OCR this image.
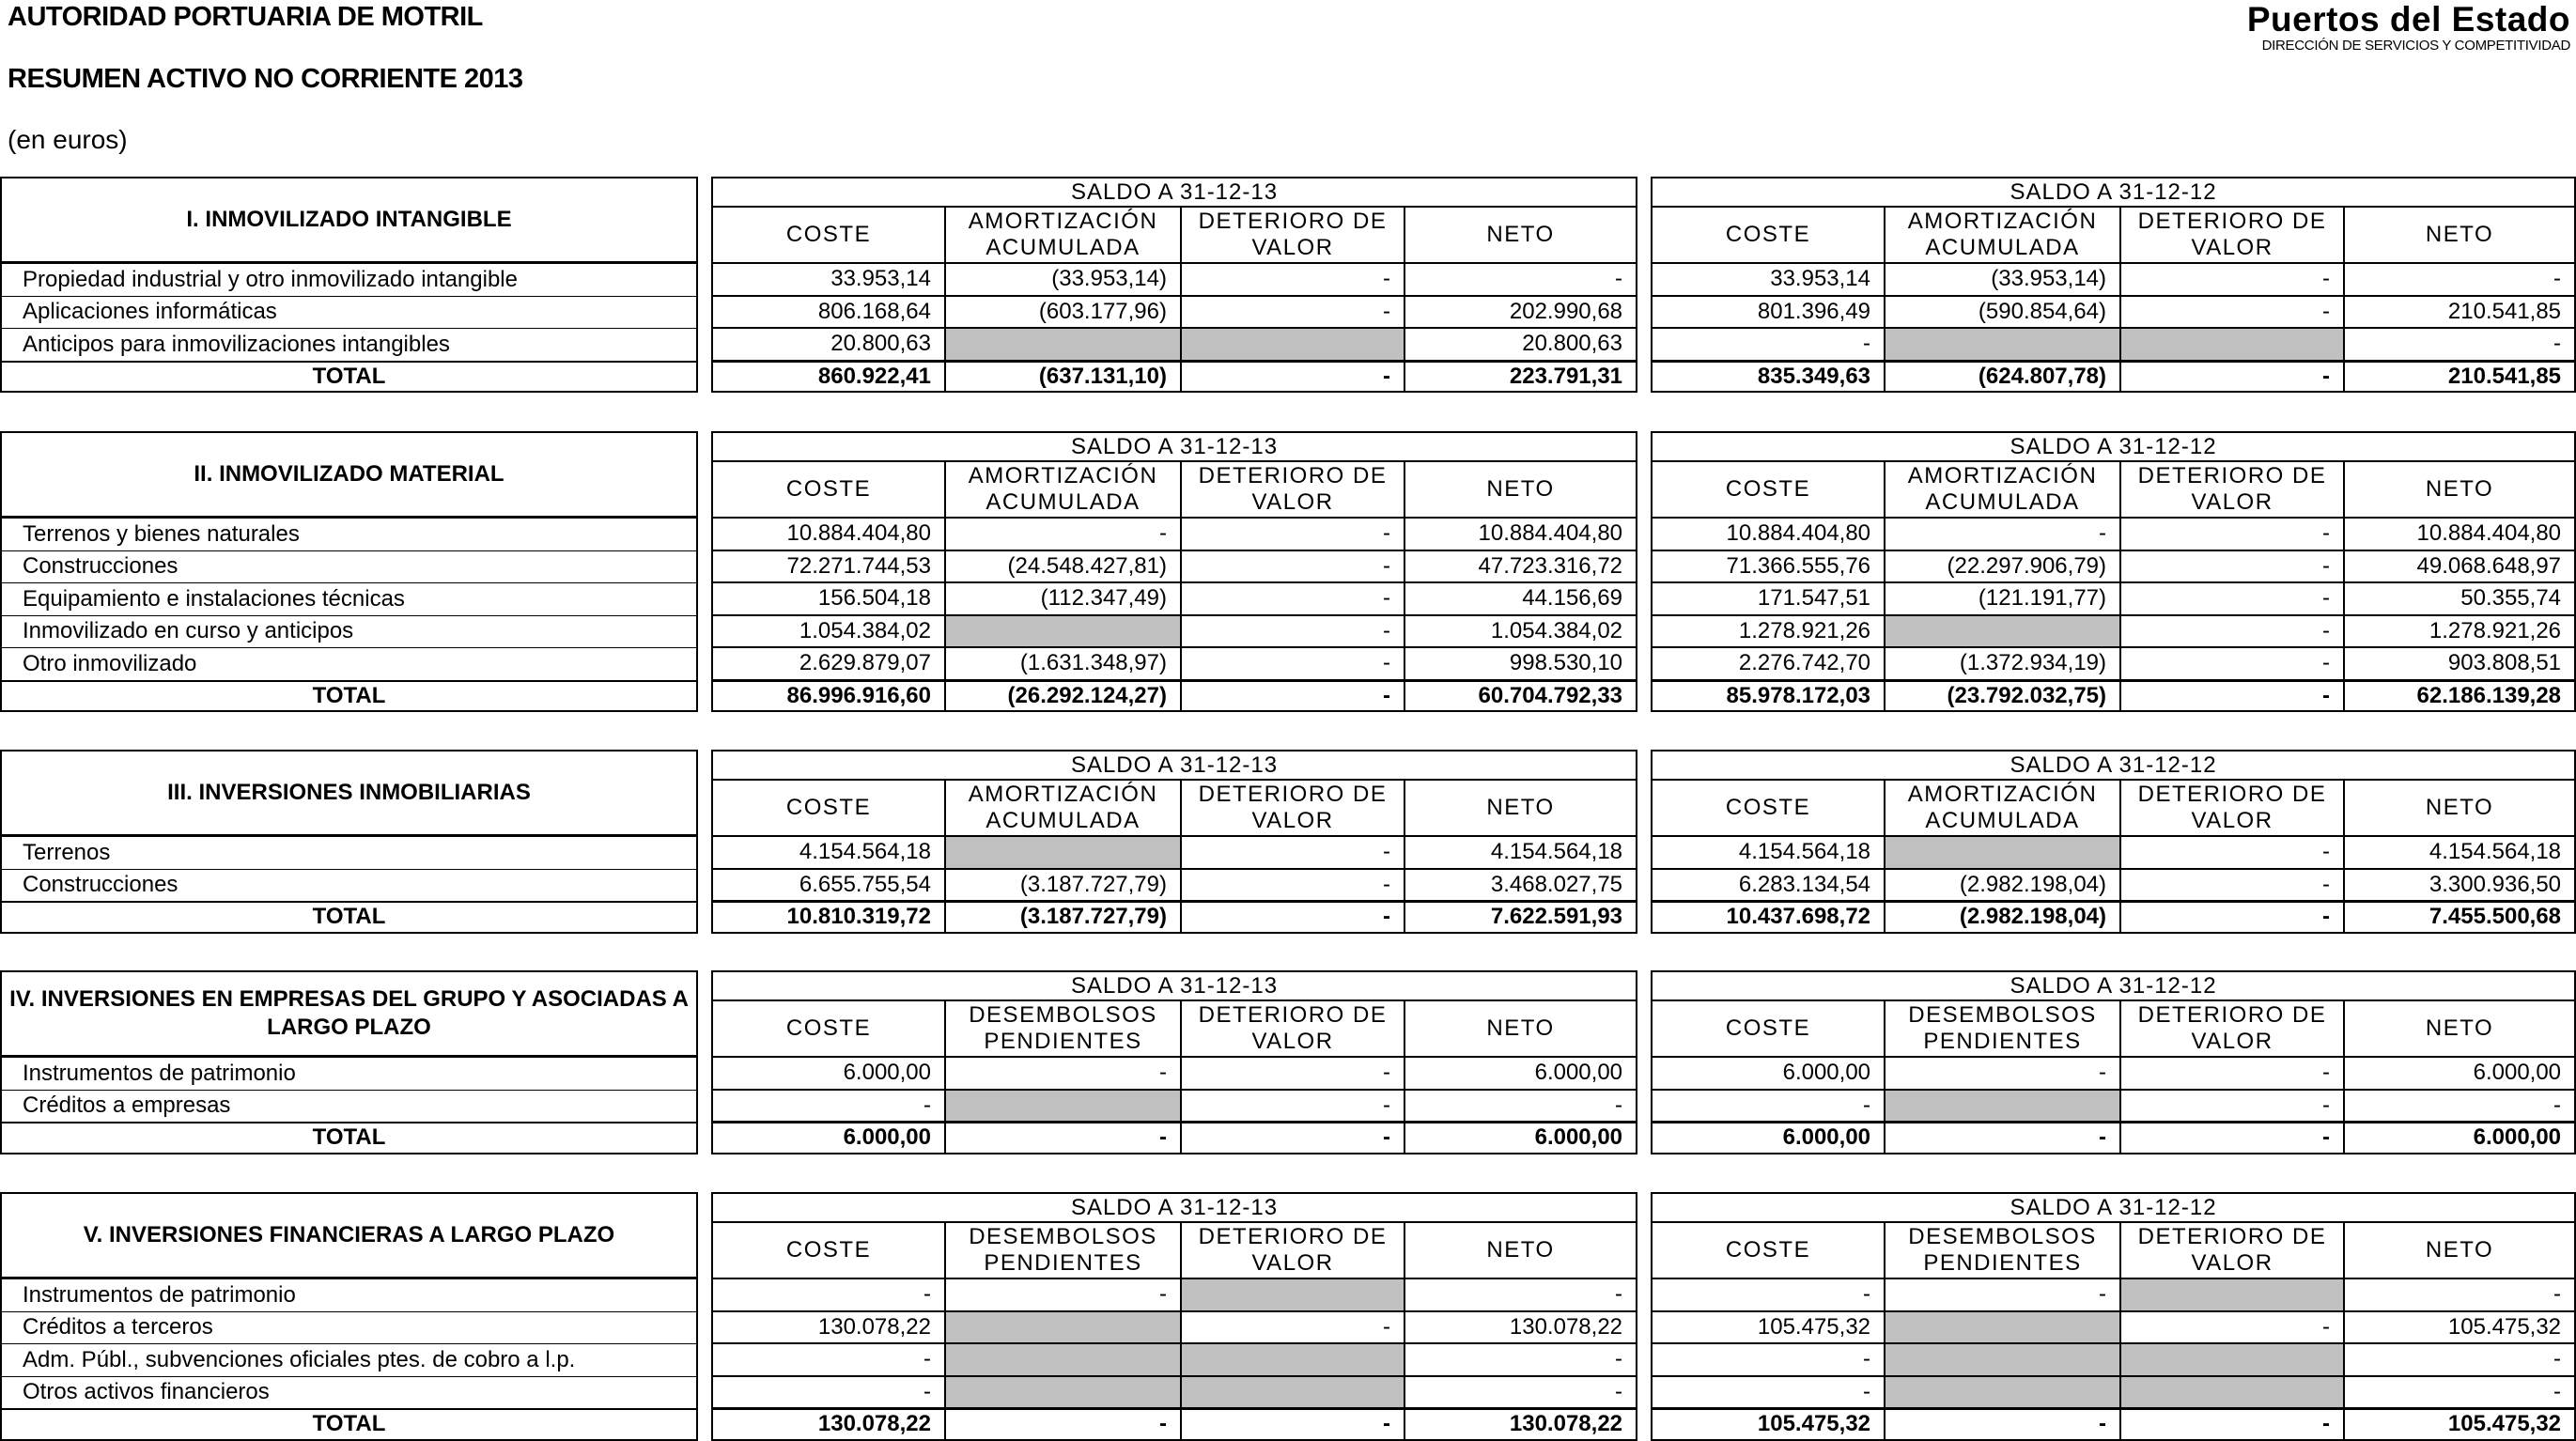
AUTORIDAD PORTUARIA DE MOTRIL
RESUMEN ACTIVO NO CORRIENTE 2013
(en euros)
Puertos del Estado
DIRECCIÓN DE SERVICIOS Y COMPETITIVIDAD
I. INMOVILIZADO INTANGIBLE		SALDO A 31-12-13					SALDO A 31-12-12			
		COSTE	AMORTIZACIÓN ACUMULADA	DETERIORO DE VALOR	NETO		COSTE	AMORTIZACIÓN ACUMULADA	DETERIORO DE VALOR	NETO
Propiedad industrial y otro inmovilizado intangible		33.953,14	(33.953,14)	-	-		33.953,14	(33.953,14)	-	-
Aplicaciones informáticas		806.168,64	(603.177,96)	-	202.990,68		801.396,49	(590.854,64)	-	210.541,85
Anticipos para inmovilizaciones intangibles		20.800,63			20.800,63		-			-
TOTAL		860.922,41	(637.131,10)	-	223.791,31		835.349,63	(624.807,78)	-	210.541,85
II. INMOVILIZADO MATERIAL		SALDO A 31-12-13					SALDO A 31-12-12			
		COSTE	AMORTIZACIÓN ACUMULADA	DETERIORO DE VALOR	NETO		COSTE	AMORTIZACIÓN ACUMULADA	DETERIORO DE VALOR	NETO
Terrenos y bienes naturales		10.884.404,80	-	-	10.884.404,80		10.884.404,80	-	-	10.884.404,80
Construcciones		72.271.744,53	(24.548.427,81)	-	47.723.316,72		71.366.555,76	(22.297.906,79)	-	49.068.648,97
Equipamiento e instalaciones técnicas		156.504,18	(112.347,49)	-	44.156,69		171.547,51	(121.191,77)	-	50.355,74
Inmovilizado en curso y anticipos		1.054.384,02		-	1.054.384,02		1.278.921,26		-	1.278.921,26
Otro inmovilizado		2.629.879,07	(1.631.348,97)	-	998.530,10		2.276.742,70	(1.372.934,19)	-	903.808,51
TOTAL		86.996.916,60	(26.292.124,27)	-	60.704.792,33		85.978.172,03	(23.792.032,75)	-	62.186.139,28
III. INVERSIONES INMOBILIARIAS		SALDO A 31-12-13					SALDO A 31-12-12			
		COSTE	AMORTIZACIÓN ACUMULADA	DETERIORO DE VALOR	NETO		COSTE	AMORTIZACIÓN ACUMULADA	DETERIORO DE VALOR	NETO
Terrenos		4.154.564,18		-	4.154.564,18		4.154.564,18		-	4.154.564,18
Construcciones		6.655.755,54	(3.187.727,79)	-	3.468.027,75		6.283.134,54	(2.982.198,04)	-	3.300.936,50
TOTAL		10.810.319,72	(3.187.727,79)	-	7.622.591,93		10.437.698,72	(2.982.198,04)	-	7.455.500,68
IV. INVERSIONES EN EMPRESAS DEL GRUPO Y ASOCIADAS A LARGO PLAZO		SALDO A 31-12-13					SALDO A 31-12-12			
		COSTE	DESEMBOLSOS PENDIENTES	DETERIORO DE VALOR	NETO		COSTE	DESEMBOLSOS PENDIENTES	DETERIORO DE VALOR	NETO
Instrumentos de patrimonio		6.000,00	-	-	6.000,00		6.000,00	-	-	6.000,00
Créditos a empresas		-		-	-		-		-	-
TOTAL		6.000,00	-	-	6.000,00		6.000,00	-	-	6.000,00
V. INVERSIONES FINANCIERAS A LARGO PLAZO		SALDO A 31-12-13					SALDO A 31-12-12			
		COSTE	DESEMBOLSOS PENDIENTES	DETERIORO DE VALOR	NETO		COSTE	DESEMBOLSOS PENDIENTES	DETERIORO DE VALOR	NETO
Instrumentos de patrimonio		-	-		-		-	-		-
Créditos a terceros		130.078,22		-	130.078,22		105.475,32		-	105.475,32
Adm. Públ., subvenciones oficiales ptes. de cobro a l.p.		-			-		-			-
Otros activos financieros		-			-		-			-
TOTAL		130.078,22	-	-	130.078,22		105.475,32	-	-	105.475,32
